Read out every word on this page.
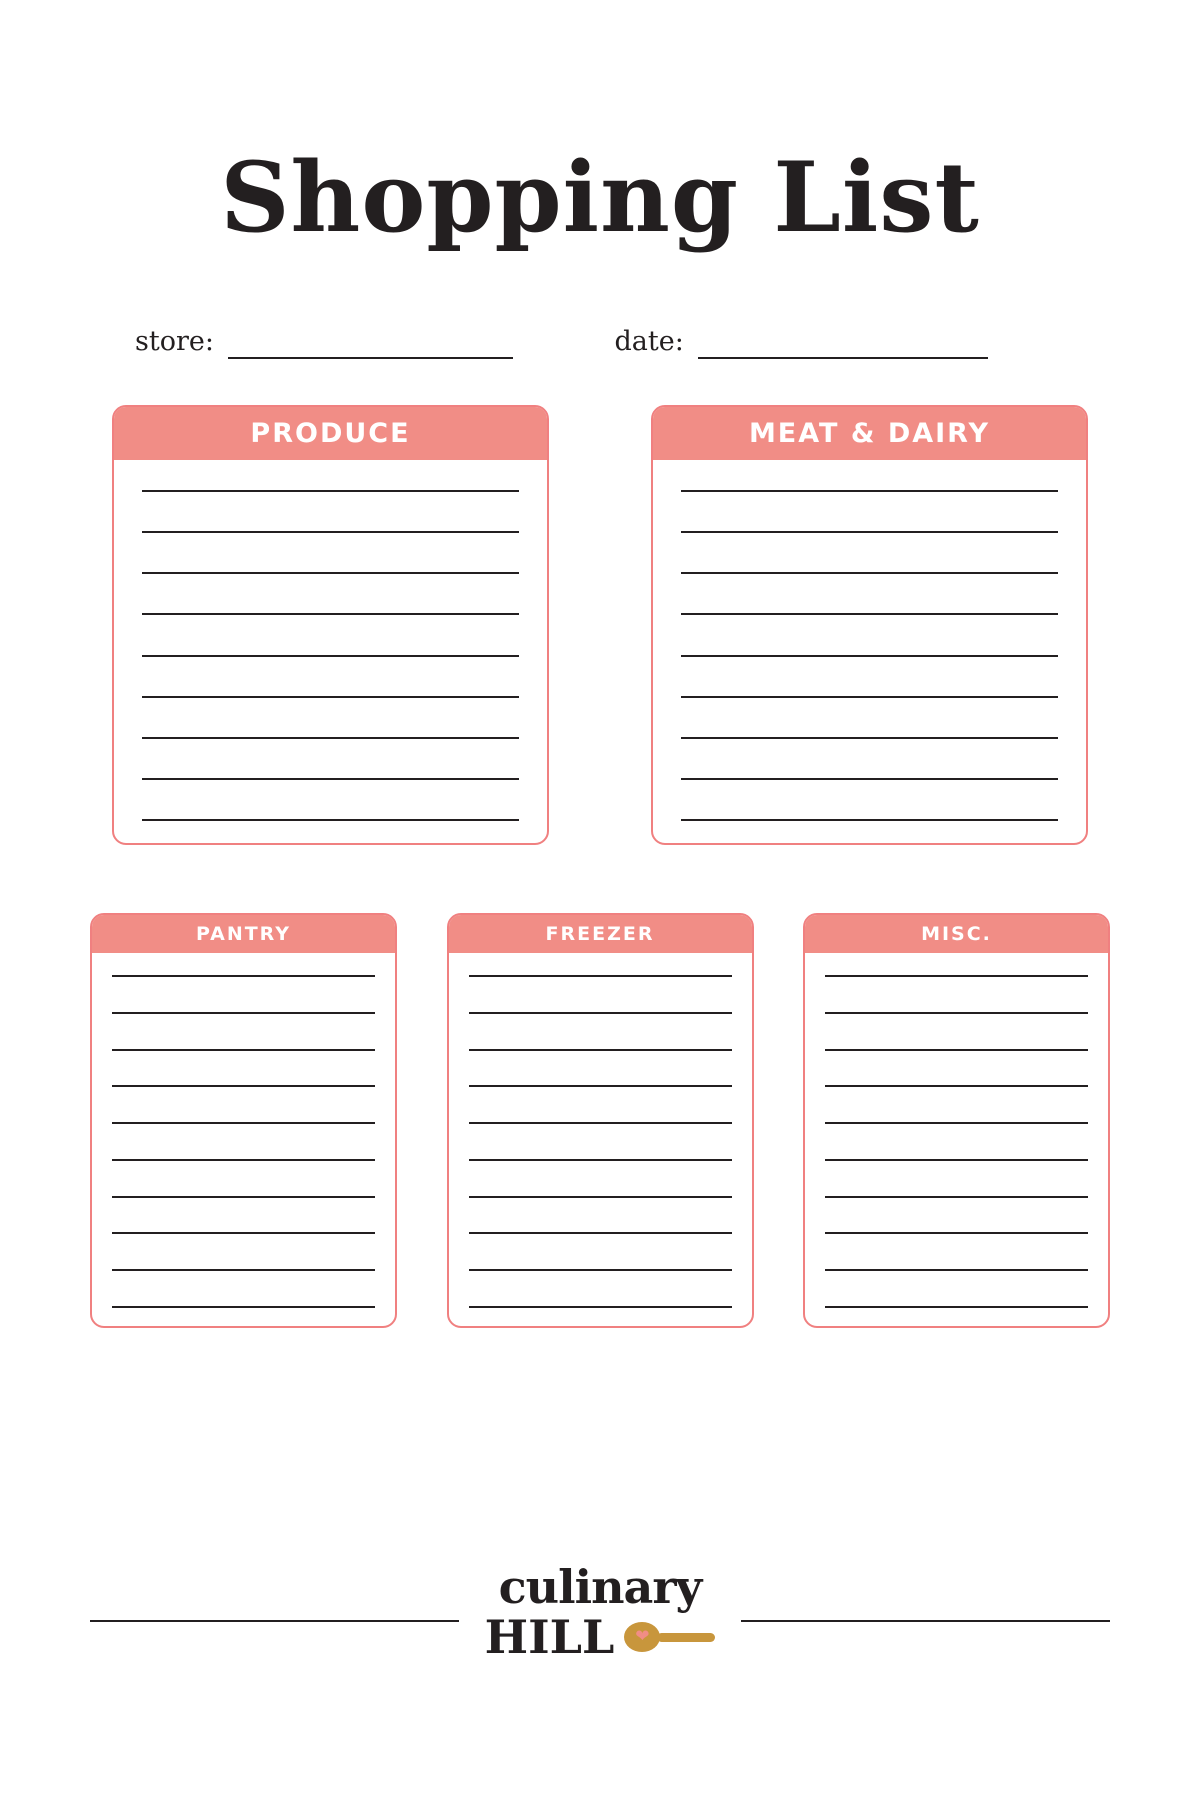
Shopping List
store:	date:
PRODUCE	MEAT & DAIRY
PANTRY	FREEZER	MISC.
culinary
HILL ❤
